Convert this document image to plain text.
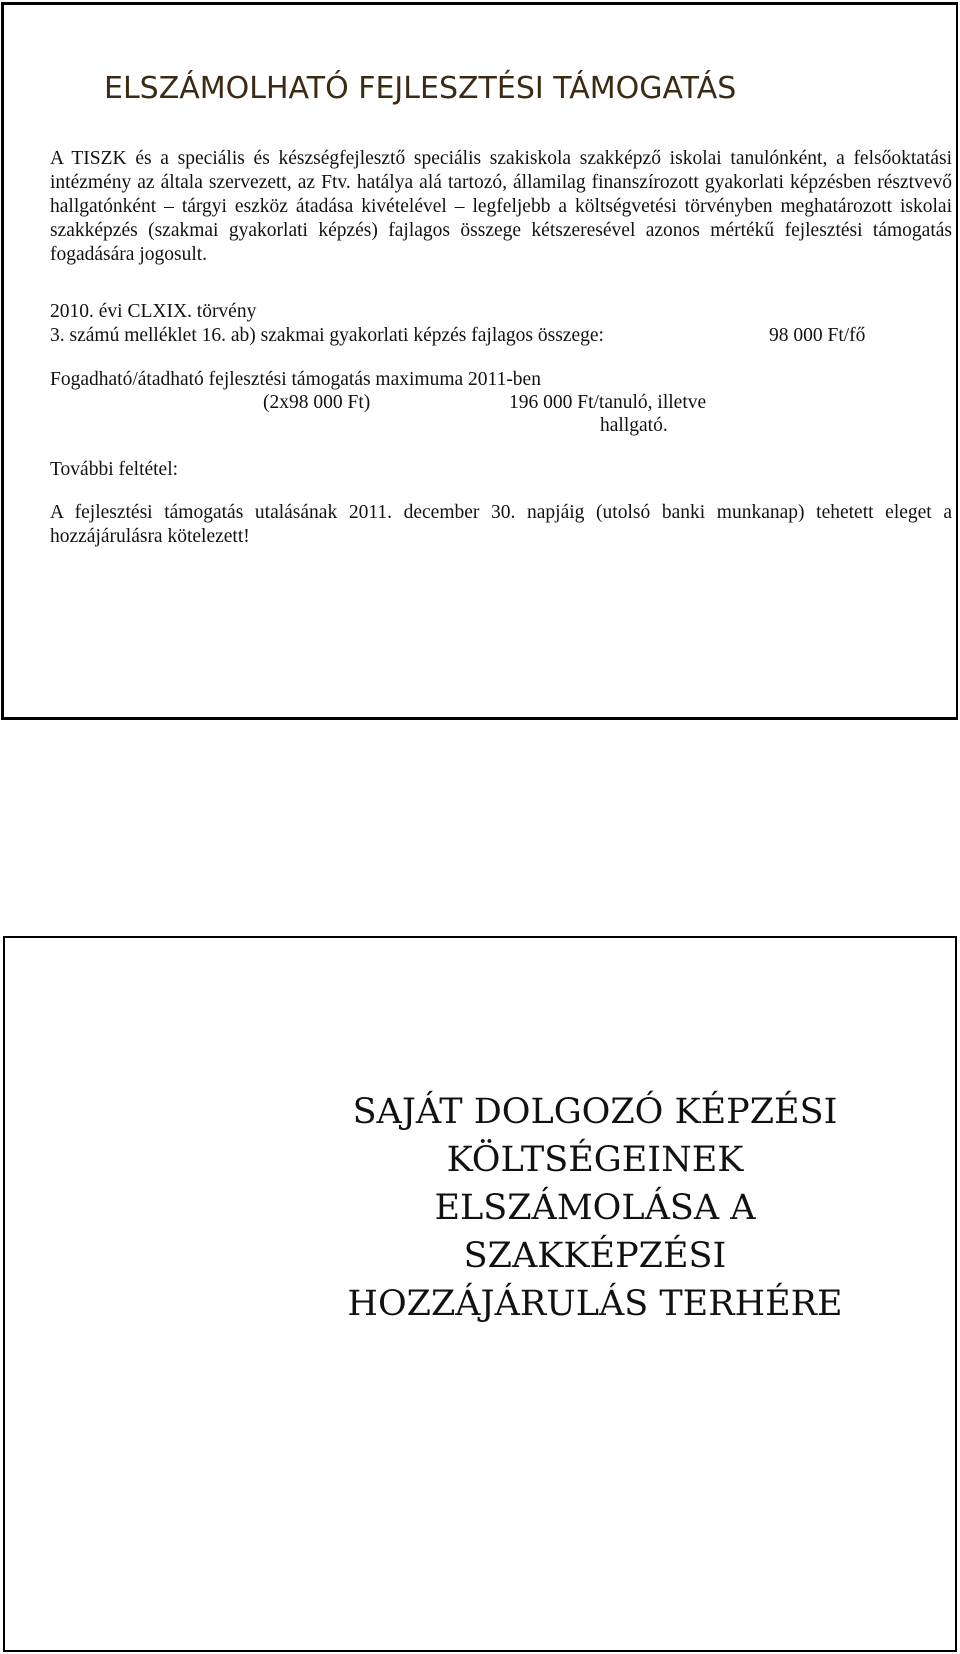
ELSZÁMOLHATÓ FEJLESZTÉSI TÁMOGATÁS

A TISZK és a speciális és készségfejlesztő speciális szakiskola szakképző iskolai tanulónként, a felsőoktatási intézmény az általa szervezett, az Ftv. hatálya alá tartozó, államilag finanszírozott gyakorlati képzésben résztvevő hallgatónként – tárgyi eszköz átadása kivételével – legfeljebb a költségvetési törvényben meghatározott iskolai szakképzés (szakmai gyakorlati képzés) fajlagos összege kétszeresével azonos mértékű fejlesztési támogatás fogadására jogosult.

2010. évi CLXIX. törvény

3. számú melléklet 16. ab) szakmai gyakorlati képzés fajlagos összege:	98 000 Ft/fő

Fogadható/átadható fejlesztési támogatás maximuma 2011-ben

(2x98 000 Ft)	196 000 Ft/tanuló, illetve

hallgató.

További feltétel:

A fejlesztési támogatás utalásának 2011. december 30. napjáig (utolsó banki munkanap) tehetett eleget a hozzájárulásra kötelezett!

SAJÁT DOLGOZÓ KÉPZÉSI
KÖLTSÉGEINEK
ELSZÁMOLÁSA A
SZAKKÉPZÉSI
HOZZÁJÁRULÁS TERHÉRE
